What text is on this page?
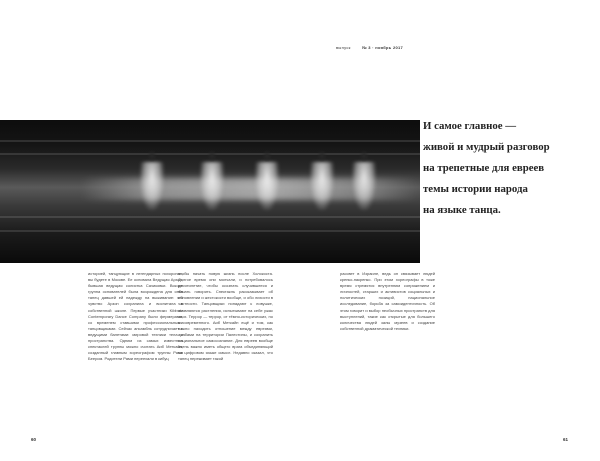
выпуск	№ 3 · ноябрь 2017
И самое главное —
живой и мудрый разговор
на трепетные для евреев
темы истории народа
на языке танца.
историей, танцующие в легендарных похоронах, вы будете в Москве. Ее основала Ведущая Арзон, бывшая ведущая солистка Сачиковки. Вскоре группа основателей была возрождена для себя танец давшей ей надежду на выживание: это чувство Арзон сохранила и воспитала в собственной школе. Первые участники Kibbutz Contemporary Dance Company были фермерами, со временем ставшими профессиональными танцовщиками. Сейчас ансамбль сотрудничает с ведущими балетами: мировой техники тела и пространства. Одним из самых известных спектаклей труппы можно считать Аиб Меткайн, созданный главным хореографом труппы Рами Беером. Родители Рами переехали в кибуц
чтобы начать новую жизнь после Холокоста. Долгое время они молчали, и потребовалось десятилетие, чтобы осознать случившееся и начать говорить. Спектакль рассказывает об обновлении и жестокости вообще, и обо лихости в частности. Танцовщики попадают к ловушке, появляются растления, испытывают на себе ужас эпох. Террор — террор, от тёмно-исторических, но и современного. Аиб Меткайн ещё и том, как важно находить отношение между евреями, арабами на территории Палестины, и сохранить национальное самосознание. Для евреев вообще очень важно иметь общего врага объединяющий на цифровом языке смысл. Недавно сказал, что танец переживает такой
рассвет в Израиле, ведь он связывает людей крепко-накрепко. При этом хореографы в тоже время стремятся внутренним сопряжением и личностей, старших и активистов социальных и политических позиций, национальное исследование, борьба за самоидентичность. Об этом говорит и выбор необычных пространств для выступлений, такие как открытые для большего количества людей залы музеев и создание собственной драматической техники.
60	61
